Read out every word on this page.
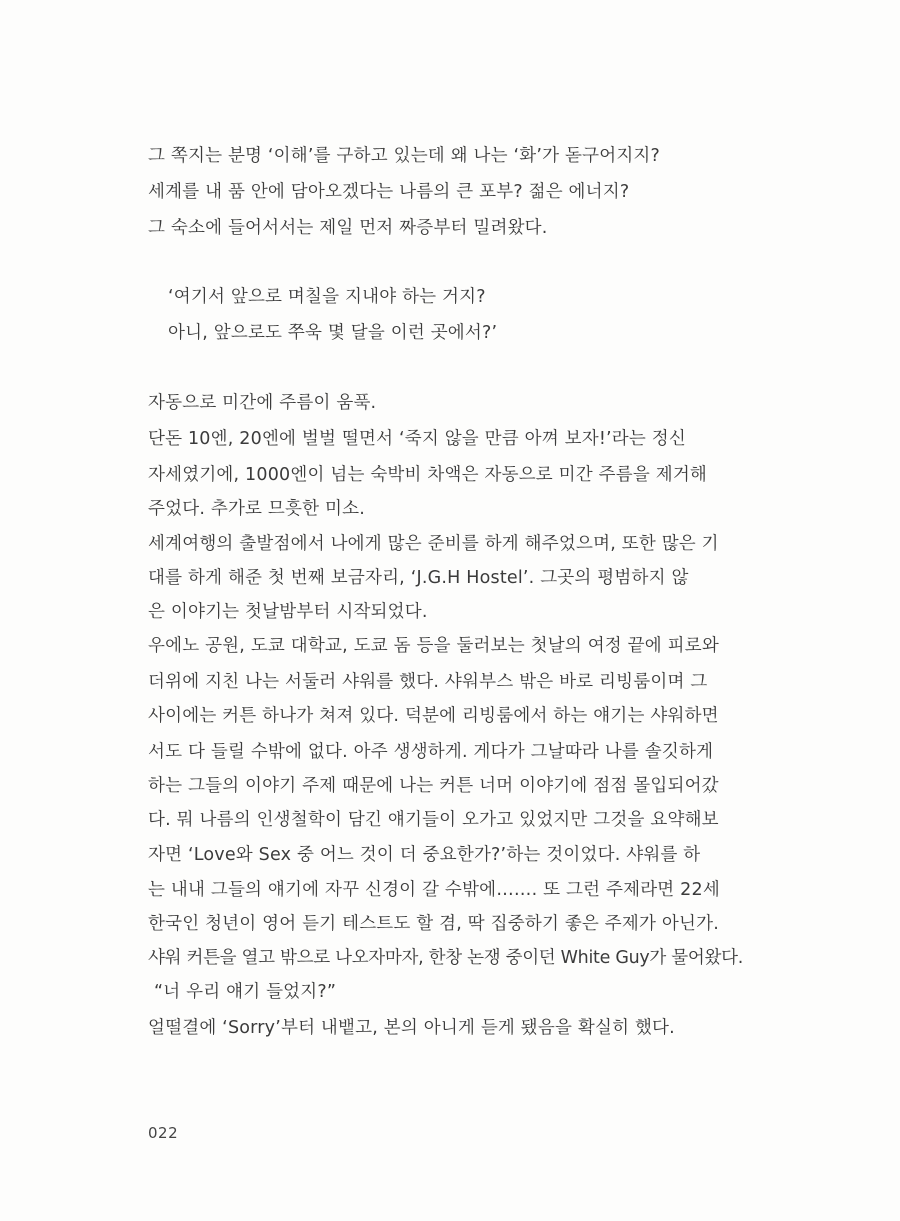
그 쪽지는 분명 ‘이해’를 구하고 있는데 왜 나는 ‘화’가 돋구어지지?
세계를 내 품 안에 담아오겠다는 나름의 큰 포부? 젊은 에너지?
그 숙소에 들어서서는 제일 먼저 짜증부터 밀려왔다.
‘여기서 앞으로 며칠을 지내야 하는 거지?
아니, 앞으로도 쭈욱 몇 달을 이런 곳에서?’
자동으로 미간에 주름이 움푹.
단돈 10엔, 20엔에 벌벌 떨면서 ‘죽지 않을 만큼 아껴 보자!’라는 정신
자세였기에, 1000엔이 넘는 숙박비 차액은 자동으로 미간 주름을 제거해
주었다. 추가로 므흣한 미소.
세계여행의 출발점에서 나에게 많은 준비를 하게 해주었으며, 또한 많은 기
대를 하게 해준 첫 번째 보금자리, ‘J.G.H Hostel’. 그곳의 평범하지 않
은 이야기는 첫날밤부터 시작되었다.
우에노 공원, 도쿄 대학교, 도쿄 돔 등을 둘러보는 첫날의 여정 끝에 피로와
더위에 지친 나는 서둘러 샤워를 했다. 샤워부스 밖은 바로 리빙룸이며 그
사이에는 커튼 하나가 쳐져 있다. 덕분에 리빙룸에서 하는 얘기는 샤워하면
서도 다 들릴 수밖에 없다. 아주 생생하게. 게다가 그날따라 나를 솔깃하게
하는 그들의 이야기 주제 때문에 나는 커튼 너머 이야기에 점점 몰입되어갔
다. 뭐 나름의 인생철학이 담긴 얘기들이 오가고 있었지만 그것을 요약해보
자면 ‘Love와 Sex 중 어느 것이 더 중요한가?’하는 것이었다. 샤워를 하
는 내내 그들의 얘기에 자꾸 신경이 갈 수밖에……. 또 그런 주제라면 22세
한국인 청년이 영어 듣기 테스트도 할 겸, 딱 집중하기 좋은 주제가 아닌가.
샤워 커튼을 열고 밖으로 나오자마자, 한창 논쟁 중이던 White Guy가 물어왔다.
“너 우리 얘기 들었지?”
얼떨결에 ‘Sorry’부터 내뱉고, 본의 아니게 듣게 됐음을 확실히 했다.
022
